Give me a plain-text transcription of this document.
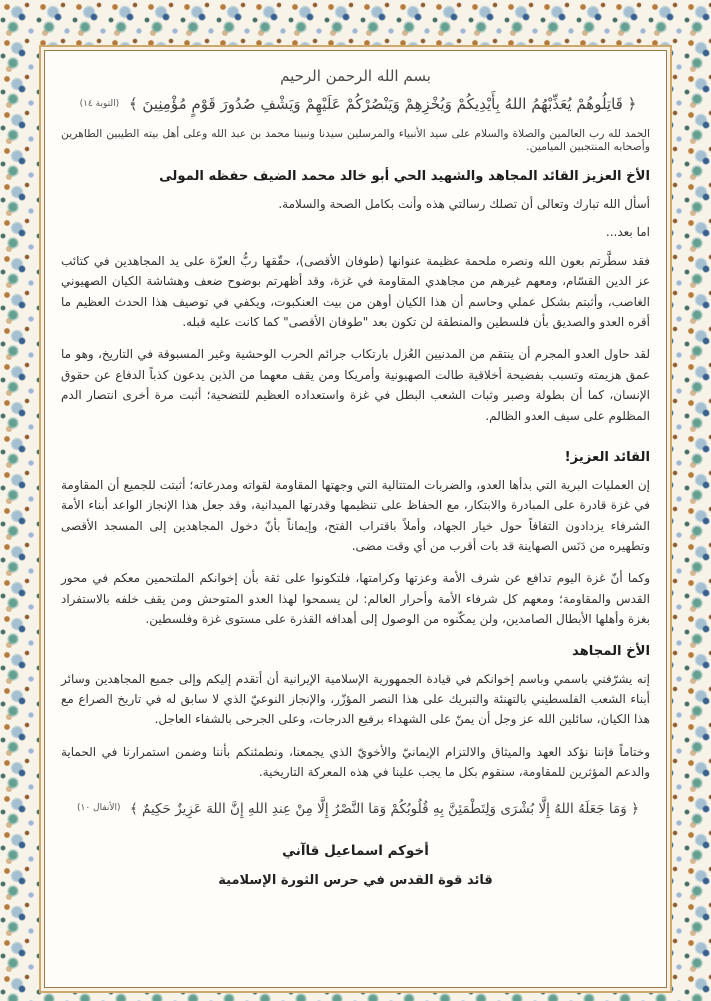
بسم الله الرحمن الرحيم
﴿ قَاتِلُوهُمْ يُعَذِّبْهُمُ اللهُ بِأَيْدِيكُمْ وَيُخْزِهِمْ وَيَنْصُرْكُمْ عَلَيْهِمْ وَيَشْفِ صُدُورَ قَوْمٍ مُؤْمِنِينَ ﴾ $^{(التوبة ١٤)}$
الحمد لله رب العالمين والصلاة والسلام على سيد الأنبياء والمرسلين سيدنا ونبينا محمد بن عبد الله وعلى أهل بيته الطيبين الطاهرين وأصحابه المنتجبين الميامين.
الأخ العزيز القائد المجاهد والشهيد الحي أبو خالد محمد الضيف حفظه المولى

أسأل الله تبارك وتعالى أن تصلك رسالتي هذه وأنت بكامل الصحة والسلامة.

اما بعد...

فقد سطَّرتم بعون الله ونصره ملحمة عظيمة عنوانها (طوفان الأقصى)، حقّقها ربُّ العزّة على يد المجاهدين في كتائب عز الدين القسّام، ومعهم غيرهم من مجاهدي المقاومة في غزة، وقد أظهرتم بوضوح ضعف وهشاشة الكيان الصهيوني الغاصب، وأثبتم بشكل عملي وحاسم أن هذا الكيان أوهن من بيت العنكبوت، ويكفي في توصيف هذا الحدث العظيم ما أقره العدو والصديق بأن فلسطين والمنطقة لن تكون بعد "طوفان الأقصى" كما كانت عليه قبله.

لقد حاول العدو المجرم أن ينتقم من المدنيين العُزل بارتكاب جرائم الحرب الوحشية وغير المسبوقة في التاريخ، وهو ما عمق هزيمته وتسبب بفضيحة أخلاقية طالت الصهيونية وأمريكا ومن يقف معهما من الذين يدعون كذباً الدفاع عن حقوق الإنسان، كما أن بطولة وصبر وثبات الشعب البطل في غزة واستعداده العظيم للتضحية؛ أثبت مرة أخرى انتصار الدم المظلوم على سيف العدو الظالم.

القائد العزيز!

إن العمليات البرية التي بدأها العدو، والضربات المتتالية التي وجهتها المقاومة لقواته ومدرعاته؛ أثبتت للجميع أن المقاومة في غزة قادرة على المبادرة والابتكار، مع الحفاظ على تنظيمها وقدرتها الميدانية، وقد جعل هذا الإنجاز الواعد أبناء الأمة الشرفاء يزدادون التفافاً حول خيار الجهاد، وأملاً باقتراب الفتح، وإيماناً بأنّ دخول المجاهدين إلى المسجد الأقصى وتطهيره من دَنَس الصهاينة قد بات أقرب من أي وقت مضى.

وكما أنّ غزة اليوم تدافع عن شرف الأمة وعزتها وكرامتها، فلتكونوا على ثقة بأن إخوانكم الملتحمين معكم في محور القدس والمقاومة؛ ومعهم كل شرفاء الأمة وأحرار العالم: لن يسمحوا لهذا العدو المتوحش ومن يقف خلفه بالاستفراد بغزة وأهلها الأبطال الصامدين، ولن يمكّنوه من الوصول إلى أهدافه القذرة على مستوى غزة وفلسطين.

الأخ المجاهد

إنه يشرّفني باسمي وباسم إخوانكم في قيادة الجمهورية الإسلامية الإيرانية أن أتقدم إليكم وإلى جميع المجاهدين وسائر أبناء الشعب الفلسطيني بالتهنئة والتبريك على هذا النصر المؤزّر، والإنجاز النوعيّ الذي لا سابق له في تاريخ الصراع مع هذا الكيان، سائلين الله عز وجل أن يمنّ على الشهداء برفيع الدرجات، وعلى الجرحى بالشفاء العاجل.

وختاماً فإننا نؤكد العهد والميثاق والالتزام الإيمانيّ والأخويّ الذي يجمعنا، ونطمئنكم بأننا وضمن استمرارنا في الحماية والدعم المؤثرين للمقاومة، سنقوم بكل ما يجب علينا في هذه المعركة التاريخية.

﴿ وَمَا جَعَلَهُ اللهُ إِلَّا بُشْرَى وَلِتَطْمَئِنَّ بِهِ قُلُوبُكُمْ وَمَا النَّصْرُ إِلَّا مِنْ عِندِ اللهِ إِنَّ اللهَ عَزِيزٌ حَكِيمٌ ﴾ $^{(الأنفال ١٠)}$
أخوكم اسماعيل قاآني
قائد قوة القدس في حرس الثورة الإسلامية
